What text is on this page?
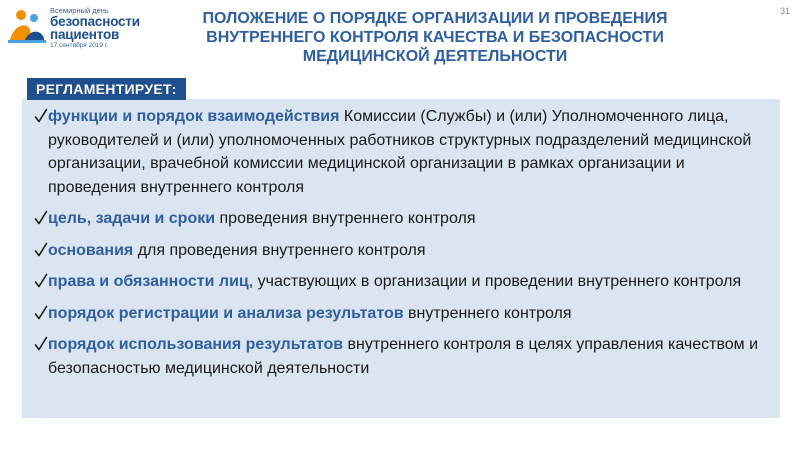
Всемирный день
безопасности
пациентов
17 сентября 2019 г.
31
ПОЛОЖЕНИЕ О ПОРЯДКЕ ОРГАНИЗАЦИИ И ПРОВЕДЕНИЯ ВНУТРЕННЕГО КОНТРОЛЯ КАЧЕСТВА И БЕЗОПАСНОСТИ МЕДИЦИНСКОЙ ДЕЯТЕЛЬНОСТИ
РЕГЛАМЕНТИРУЕТ:
функции и порядок взаимодействия Комиссии (Службы) и (или) Уполномоченного лица, руководителей и (или) уполномоченных работников структурных подразделений медицинской организации, врачебной комиссии медицинской организации в рамках организации и проведения внутреннего контроля
цель, задачи и сроки проведения внутреннего контроля
основания для проведения внутреннего контроля
права и обязанности лиц, участвующих в организации и проведении внутреннего контроля
порядок регистрации и анализа результатов внутреннего контроля
порядок использования результатов внутреннего контроля в целях управления качеством и безопасностью медицинской деятельности
